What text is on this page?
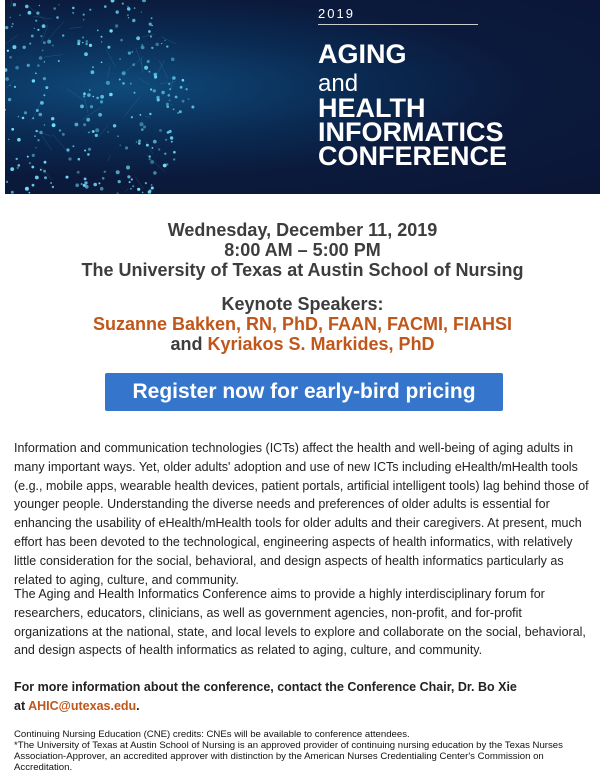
2019
AGING
and
HEALTH
INFORMATICS
CONFERENCE
Wednesday, December 11, 2019
8:00 AM – 5:00 PM
The University of Texas at Austin School of Nursing
Keynote Speakers:
Suzanne Bakken, RN, PhD, FAAN, FACMI, FIAHSI
and Kyriakos S. Markides, PhD
Register now for early-bird pricing
Information and communication technologies (ICTs) affect the health and well-being of aging adults in many important ways. Yet, older adults' adoption and use of new ICTs including eHealth/mHealth tools (e.g., mobile apps, wearable health devices, patient portals, artificial intelligent tools) lag behind those of younger people. Understanding the diverse needs and preferences of older adults is essential for enhancing the usability of eHealth/mHealth tools for older adults and their caregivers. At present, much effort has been devoted to the technological, engineering aspects of health informatics, with relatively little consideration for the social, behavioral, and design aspects of health informatics particularly as related to aging, culture, and community.
The Aging and Health Informatics Conference aims to provide a highly interdisciplinary forum for researchers, educators, clinicians, as well as government agencies, non-profit, and for-profit organizations at the national, state, and local levels to explore and collaborate on the social, behavioral, and design aspects of health informatics as related to aging, culture, and community.
For more information about the conference, contact the Conference Chair, Dr. Bo Xie
at AHIC@utexas.edu.
Continuing Nursing Education (CNE) credits: CNEs will be available to conference attendees.
*The University of Texas at Austin School of Nursing is an approved provider of continuing nursing education by the Texas Nurses Association-Approver, an accredited approver with distinction by the American Nurses Credentialing Center's Commission on Accreditation.
